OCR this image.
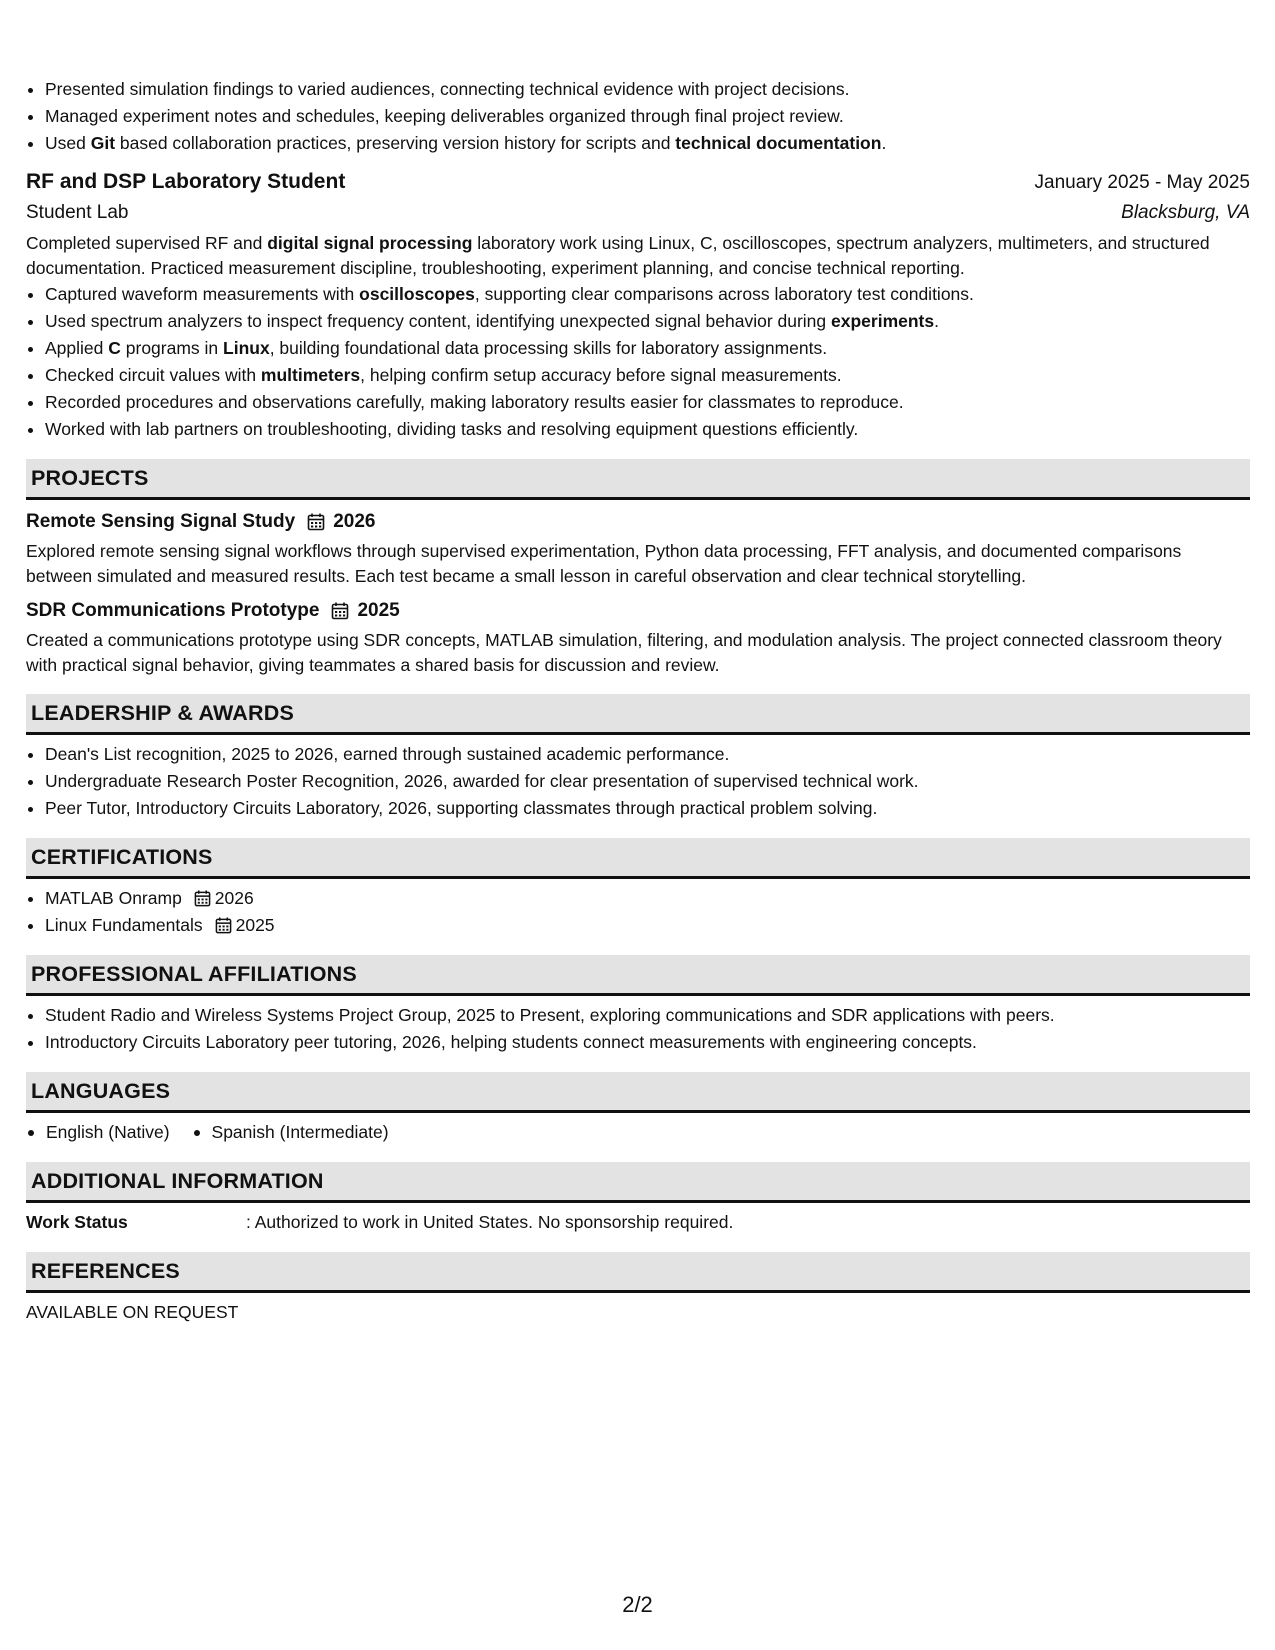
• Presented simulation findings to varied audiences, connecting technical evidence with project decisions.
• Managed experiment notes and schedules, keeping deliverables organized through final project review.
• Used Git based collaboration practices, preserving version history for scripts and technical documentation.
RF and DSP Laboratory Student	January 2025 - May 2025
Student Lab	Blacksburg, VA
Completed supervised RF and digital signal processing laboratory work using Linux, C, oscilloscopes, spectrum analyzers, multimeters, and structured documentation. Practiced measurement discipline, troubleshooting, experiment planning, and concise technical reporting.
• Captured waveform measurements with oscilloscopes, supporting clear comparisons across laboratory test conditions.
• Used spectrum analyzers to inspect frequency content, identifying unexpected signal behavior during experiments.
• Applied C programs in Linux, building foundational data processing skills for laboratory assignments.
• Checked circuit values with multimeters, helping confirm setup accuracy before signal measurements.
• Recorded procedures and observations carefully, making laboratory results easier for classmates to reproduce.
• Worked with lab partners on troubleshooting, dividing tasks and resolving equipment questions efficiently.
PROJECTS
Remote Sensing Signal Study 2026
Explored remote sensing signal workflows through supervised experimentation, Python data processing, FFT analysis, and documented comparisons between simulated and measured results. Each test became a small lesson in careful observation and clear technical storytelling.
SDR Communications Prototype 2025
Created a communications prototype using SDR concepts, MATLAB simulation, filtering, and modulation analysis. The project connected classroom theory with practical signal behavior, giving teammates a shared basis for discussion and review.
LEADERSHIP & AWARDS
• Dean's List recognition, 2025 to 2026, earned through sustained academic performance.
• Undergraduate Research Poster Recognition, 2026, awarded for clear presentation of supervised technical work.
• Peer Tutor, Introductory Circuits Laboratory, 2026, supporting classmates through practical problem solving.
CERTIFICATIONS
• MATLAB Onramp 2026
• Linux Fundamentals 2025
PROFESSIONAL AFFILIATIONS
• Student Radio and Wireless Systems Project Group, 2025 to Present, exploring communications and SDR applications with peers.
• Introductory Circuits Laboratory peer tutoring, 2026, helping students connect measurements with engineering concepts.
LANGUAGES
English (Native) Spanish (Intermediate)
ADDITIONAL INFORMATION
Work Status	: Authorized to work in United States. No sponsorship required.
REFERENCES
AVAILABLE ON REQUEST
2/2
